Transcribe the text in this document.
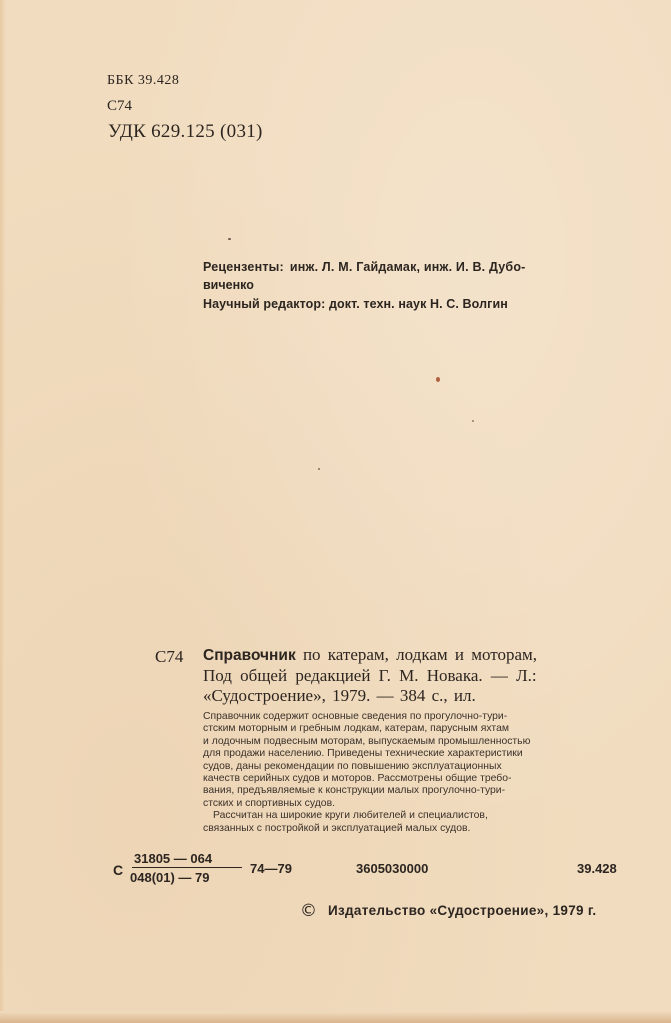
ББК 39.428
С74
УДК 629.125 (031)
Рецензенты: инж. Л. М. Гайдамак, инж. И. В. Дубо-
виченко
Научный редактор: докт. техн. наук Н. С. Волгин
С74 Справочник по катерам, лодкам и моторам,
Под общей редакцией Г. М. Новака. — Л.:
«Судостроение», 1979. — 384 с., ил.
Справочник содержит основные сведения по прогулочно-тури-
стским моторным и гребным лодкам, катерам, парусным яхтам
и лодочным подвесным моторам, выпускаемым промышленностью
для продажи населению. Приведены технические характеристики
судов, даны рекомендации по повышению эксплуатационных
качеств серийных судов и моторов. Рассмотрены общие требо-
вания, предъявляемые к конструкции малых прогулочно-тури-
стских и спортивных судов.
Рассчитан на широкие круги любителей и специалистов,
связанных с постройкой и эксплуатацией малых судов.
С
31805 — 064
048(01) — 79
74—79	3605030000	39.428
© Издательство «Судостроение», 1979 г.
